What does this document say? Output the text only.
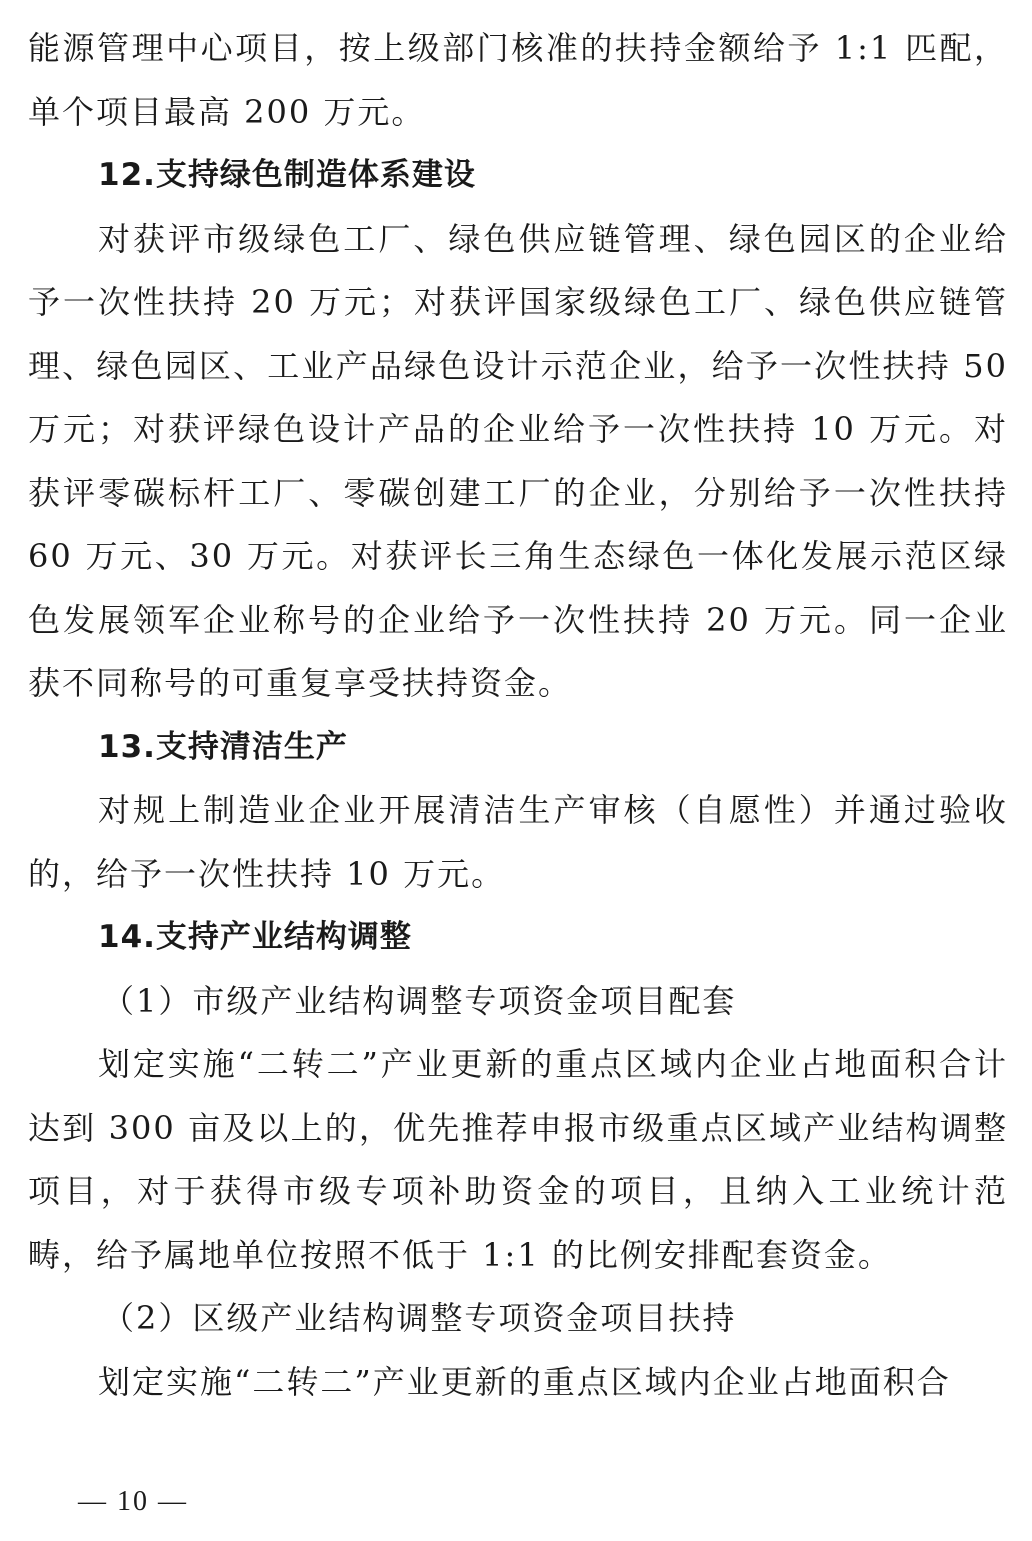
能源管理中心项目，按上级部门核准的扶持金额给予 1:1 匹配，单个项目最高 200 万元。

12.支持绿色制造体系建设

对获评市级绿色工厂、绿色供应链管理、绿色园区的企业给予一次性扶持 20 万元；对获评国家级绿色工厂、绿色供应链管理、绿色园区、工业产品绿色设计示范企业，给予一次性扶持 50 万元；对获评绿色设计产品的企业给予一次性扶持 10 万元。对获评零碳标杆工厂、零碳创建工厂的企业，分别给予一次性扶持 60 万元、30 万元。对获评长三角生态绿色一体化发展示范区绿色发展领军企业称号的企业给予一次性扶持 20 万元。同一企业获不同称号的可重复享受扶持资金。

13.支持清洁生产

对规上制造业企业开展清洁生产审核（自愿性）并通过验收的，给予一次性扶持 10 万元。

14.支持产业结构调整

（1）市级产业结构调整专项资金项目配套

划定实施“二转二”产业更新的重点区域内企业占地面积合计达到 300 亩及以上的，优先推荐申报市级重点区域产业结构调整项目，对于获得市级专项补助资金的项目，且纳入工业统计范畴，给予属地单位按照不低于 1:1 的比例安排配套资金。

（2）区级产业结构调整专项资金项目扶持

划定实施“二转二”产业更新的重点区域内企业占地面积合

— 10 —
